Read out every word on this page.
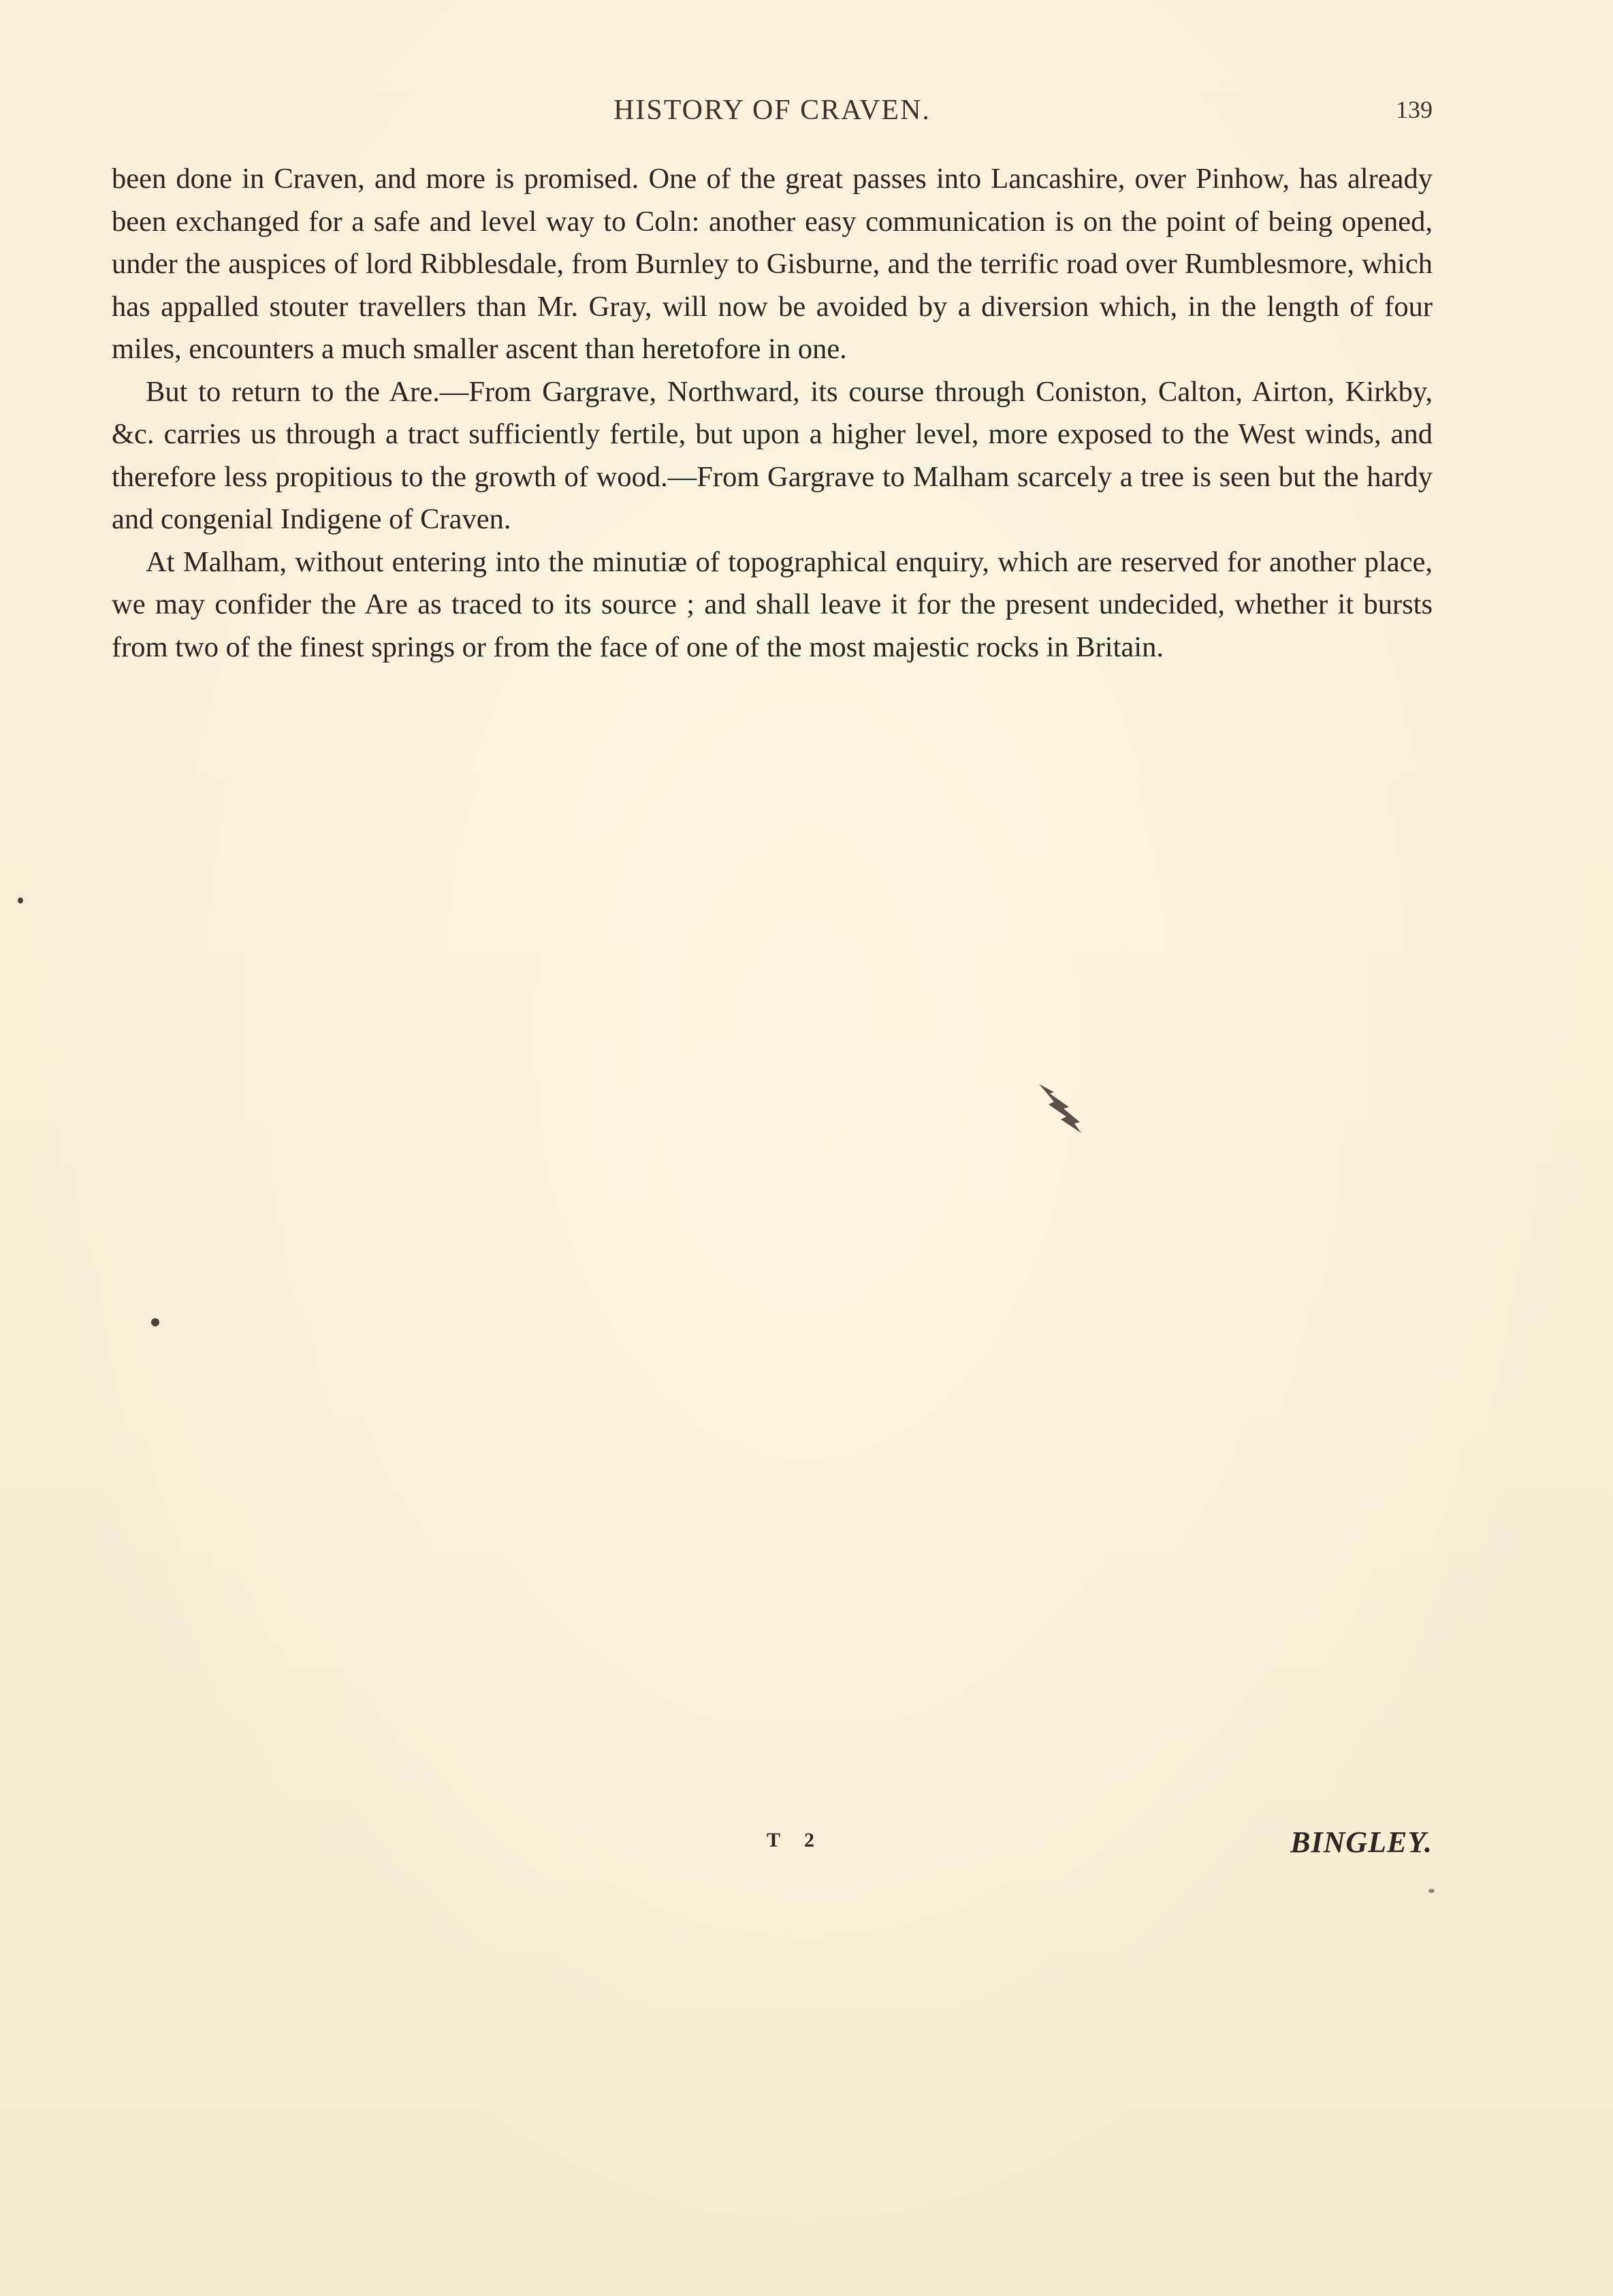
HISTORY OF CRAVEN.	139

been done in Craven, and more is promised. One of the great passes into Lancashire, over Pinhow, has already been exchanged for a safe and level way to Coln: another easy communication is on the point of being opened, under the auspices of lord Ribblesdale, from Burnley to Gisburne, and the terrific road over Rumblesmore, which has appalled stouter travellers than Mr. Gray, will now be avoided by a diversion which, in the length of four miles, encounters a much smaller ascent than heretofore in one.

But to return to the Are.—From Gargrave, Northward, its course through Coniston, Calton, Airton, Kirkby, &c. carries us through a tract sufficiently fertile, but upon a higher level, more exposed to the West winds, and therefore less propitious to the growth of wood.—From Gargrave to Malham scarcely a tree is seen but the hardy and congenial Indigene of Craven.

At Malham, without entering into the minutiæ of topographical enquiry, which are reserved for another place, we may confider the Are as traced to its source ; and shall leave it for the present undecided, whether it bursts from two of the finest springs or from the face of one of the most majestic rocks in Britain.

T 2	BINGLEY.
